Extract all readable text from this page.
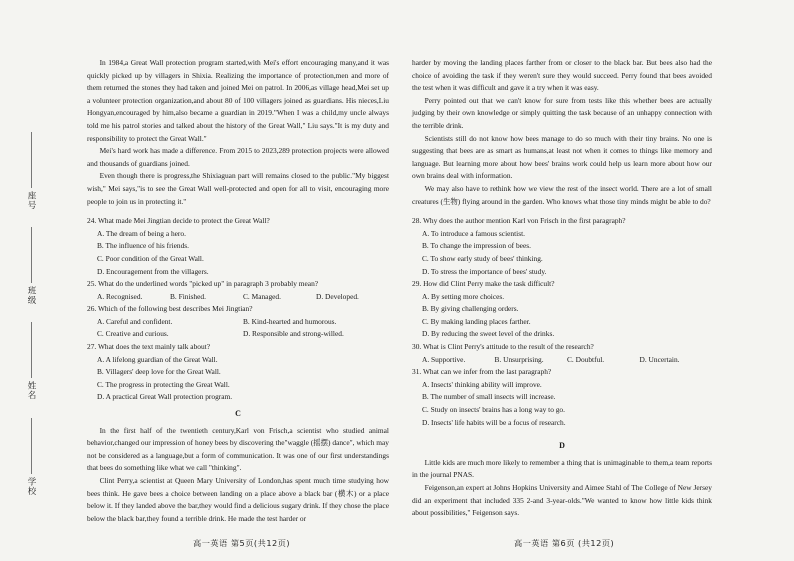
座号
班级
姓名
学校

In 1984,a Great Wall protection program started,with Mei's effort encouraging many,and it was quickly picked up by villagers in Shixia. Realizing the importance of protection,men and more of them returned the stones they had taken and joined Mei on patrol. In 2006,as village head,Mei set up a volunteer protection organization,and about 80 of 100 villagers joined as guardians. His nieces,Liu Hongyan,encouraged by him,also became a guardian in 2019."When I was a child,my uncle always told me his patrol stories and talked about the history of the Great Wall," Liu says."It is my duty and responsibility to protect the Great Wall."

Mei's hard work has made a difference. From 2015 to 2023,289 protection projects were allowed and thousands of guardians joined.

Even though there is progress,the Shixiaguan part will remains closed to the public."My biggest wish," Mei says,"is to see the Great Wall well-protected and open for all to visit, encouraging more people to join us in protecting it."

24. What made Mei Jingtian decide to protect the Great Wall?
A. The dream of being a hero.
B. The influence of his friends.
C. Poor condition of the Great Wall.
D. Encouragement from the villagers.
25. What do the underlined words "picked up" in paragraph 3 probably mean?
A. Recognised.	B. Finished.	C. Managed.	D. Developed.
26. Which of the following best describes Mei Jingtian?
A. Careful and confident.	B. Kind-hearted and humorous.
C. Creative and curious.	D. Responsible and strong-willed.
27. What does the text mainly talk about?
A. A lifelong guardian of the Great Wall.
B. Villagers' deep love for the Great Wall.
C. The progress in protecting the Great Wall.
D. A practical Great Wall protection program.
C

In the first half of the twentieth century,Karl von Frisch,a scientist who studied animal behavior,changed our impression of honey bees by discovering the"waggle (摇摆) dance", which may not be considered as a language,but a form of communication. It was one of our first understandings that bees do something like what we call "thinking".

Clint Perry,a scientist at Queen Mary University of London,has spent much time studying how bees think. He gave bees a choice between landing on a place above a black bar (横木) or a place below it. If they landed above the bar,they would find a delicious sugary drink. If they chose the place below the black bar,they found a terrible drink. He made the test harder or

harder by moving the landing places farther from or closer to the black bar. But bees also had the choice of avoiding the task if they weren't sure they would succeed. Perry found that bees avoided the test when it was difficult and gave it a try when it was easy.

Perry pointed out that we can't know for sure from tests like this whether bees are actually judging by their own knowledge or simply quitting the task because of an unhappy connection with the terrible drink.

Scientists still do not know how bees manage to do so much with their tiny brains. No one is suggesting that bees are as smart as humans,at least not when it comes to things like memory and language. But learning more about how bees' brains work could help us learn more about how our own brains deal with information.

We may also have to rethink how we view the rest of the insect world. There are a lot of small creatures (生物) flying around in the garden. Who knows what those tiny minds might be able to do?

28. Why does the author mention Karl von Frisch in the first paragraph?
A. To introduce a famous scientist.
B. To change the impression of bees.
C. To show early study of bees' thinking.
D. To stress the importance of bees' study.
29. How did Clint Perry make the task difficult?
A. By setting more choices.
B. By giving challenging orders.
C. By making landing places farther.
D. By reducing the sweet level of the drinks.
30. What is Clint Perry's attitude to the result of the research?
A. Supportive.	B. Unsurprising.	C. Doubtful.	D. Uncertain.
31. What can we infer from the last paragraph?
A. Insects' thinking ability will improve.
B. The number of small insects will increase.
C. Study on insects' brains has a long way to go.
D. Insects' life habits will be a focus of research.
D

Little kids are much more likely to remember a thing that is unimaginable to them,a team reports in the journal PNAS.

Feigenson,an expert at Johns Hopkins University and Aimee Stahl of The College of New Jersey did an experiment that included 335 2-and 3-year-olds."We wanted to know how little kids think about possibilities," Feigenson says.

高一英语 第5页(共12页)	高一英语 第6页 (共12页)
